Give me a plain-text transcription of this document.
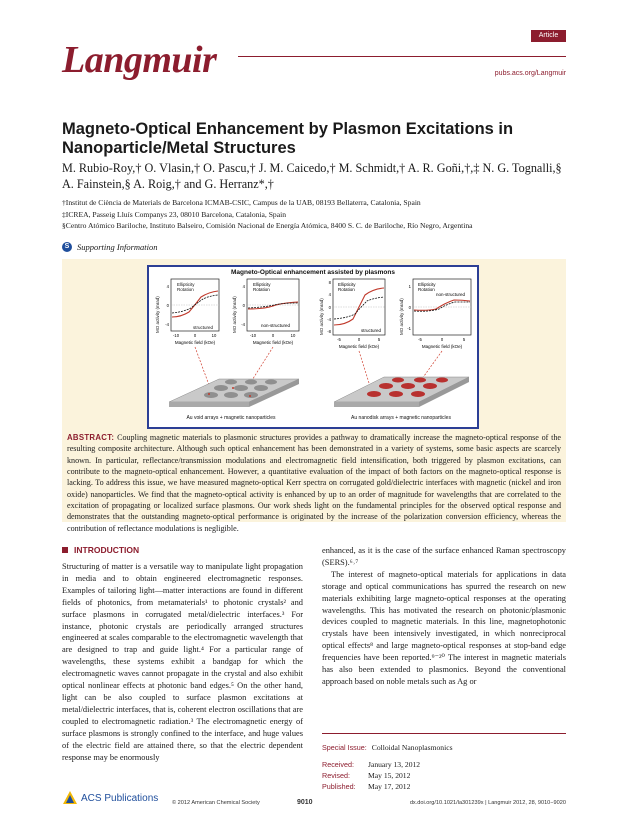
Langmuir
Article
pubs.acs.org/Langmuir
Magneto-Optical Enhancement by Plasmon Excitations in Nanoparticle/Metal Structures
M. Rubio-Roy,† O. Vlasin,† O. Pascu,† J. M. Caicedo,† M. Schmidt,† A. R. Goñi,†,‡ N. G. Tognalli,§
A. Fainstein,§ A. Roig,† and G. Herranz*,†
†Institut de Ciència de Materials de Barcelona ICMAB-CSIC, Campus de la UAB, 08193 Bellaterra, Catalonia, Spain
‡ICREA, Passeig Lluís Companys 23, 08010 Barcelona, Catalonia, Spain
§Centro Atómico Bariloche, Instituto Balseiro, Comisión Nacional de Energía Atómica, 8400 S. C. de Bariloche, Río Negro, Argentina
S Supporting Information
Magneto-Optical enhancement assisted by plasmons
MO activity (mrad)
Ellipticity
Rotation
structured
4
0
-4
-10	0	10
Magnetic field (kOe)
MO activity (mrad)
Ellipticity
Rotation
non-structured
4
0
-4
-10	0	10
Magnetic field (kOe)
MO activity (mrad)
Ellipticity
Rotation
structured
8
4
0
-4
-8
-5	0	5
Magnetic field (kOe)
MO activity (mrad)
Ellipticity
Rotation
non-structured
1
0
-1
-5	0	5
Magnetic field (kOe)
Au void arrays + magnetic nanoparticles	Au nanodisk arrays + magnetic nanoparticles
ABSTRACT: Coupling magnetic materials to plasmonic structures provides a pathway to dramatically increase the magneto-optical response of the resulting composite architecture. Although such optical enhancement has been demonstrated in a variety of systems, some basic aspects are scarcely known. In particular, reflectance/transmission modulations and electromagnetic field intensification, both triggered by plasmon excitations, can contribute to the magneto-optical enhancement. However, a quantitative evaluation of the impact of both factors on the magneto-optical response is lacking. To address this issue, we have measured magneto-optical Kerr spectra on corrugated gold/dielectric interfaces with magnetic (nickel and iron oxide) nanoparticles. We find that the magneto-optical activity is enhanced by up to an order of magnitude for wavelengths that are correlated to the excitation of propagating or localized surface plasmons. Our work sheds light on the fundamental principles for the observed optical response and demonstrates that the outstanding magneto-optical performance is originated by the increase of the polarization conversion efficiency, whereas the contribution of reflectance modulations is negligible.
INTRODUCTION

Structuring of matter is a versatile way to manipulate light propagation in media and to obtain engineered electromagnetic responses. Examples of tailoring light—matter interactions are found in different fields of photonics, from metamaterials¹ to photonic crystals² and surface plasmons in corrugated metal/dielectric interfaces.³ For instance, photonic crystals are periodically arranged structures engineered at scales comparable to the electromagnetic wavelength that are designed to trap and guide light.⁴ For a particular range of wavelengths, these systems exhibit a bandgap for which the electromagnetic waves cannot propagate in the crystal and also exhibit optical nonlinear effects at photonic band edges.⁵ On the other hand, light can be also coupled to surface plasmon excitations at metal/dielectric interfaces, that is, coherent electron oscillations that are coupled to electromagnetic radiation.³ The electromagnetic energy of surface plasmons is strongly confined to the interface, and huge values of the electric field are attained there, so that the electric dependent response may be enormously

enhanced, as it is the case of the surface enhanced Raman spectroscopy (SERS).⁶˒⁷

The interest of magneto-optical materials for applications in data storage and optical communications has spurred the research on new materials exhibiting large magneto-optical responses at the operating wavelengths. This has motivated the research on photonic/plasmonic devices coupled to magnetic materials. In this line, magnetophotonic crystals have been intensively investigated, in which nonreciprocal optical effects⁸ and large magneto-optical responses at stop-band edge frequencies have been reported.⁹⁻²⁰ The interest in magnetic materials has also been extended to plasmonics. Beyond the conventional approach based on noble metals such as Ag or

Special Issue: Colloidal Nanoplasmonics
Received:	January 13, 2012
Revised:	May 15, 2012
Published:	May 17, 2012
ACS Publications © 2012 American Chemical Society	9010	dx.doi.org/10.1021/la301239x | Langmuir 2012, 28, 9010−9020
